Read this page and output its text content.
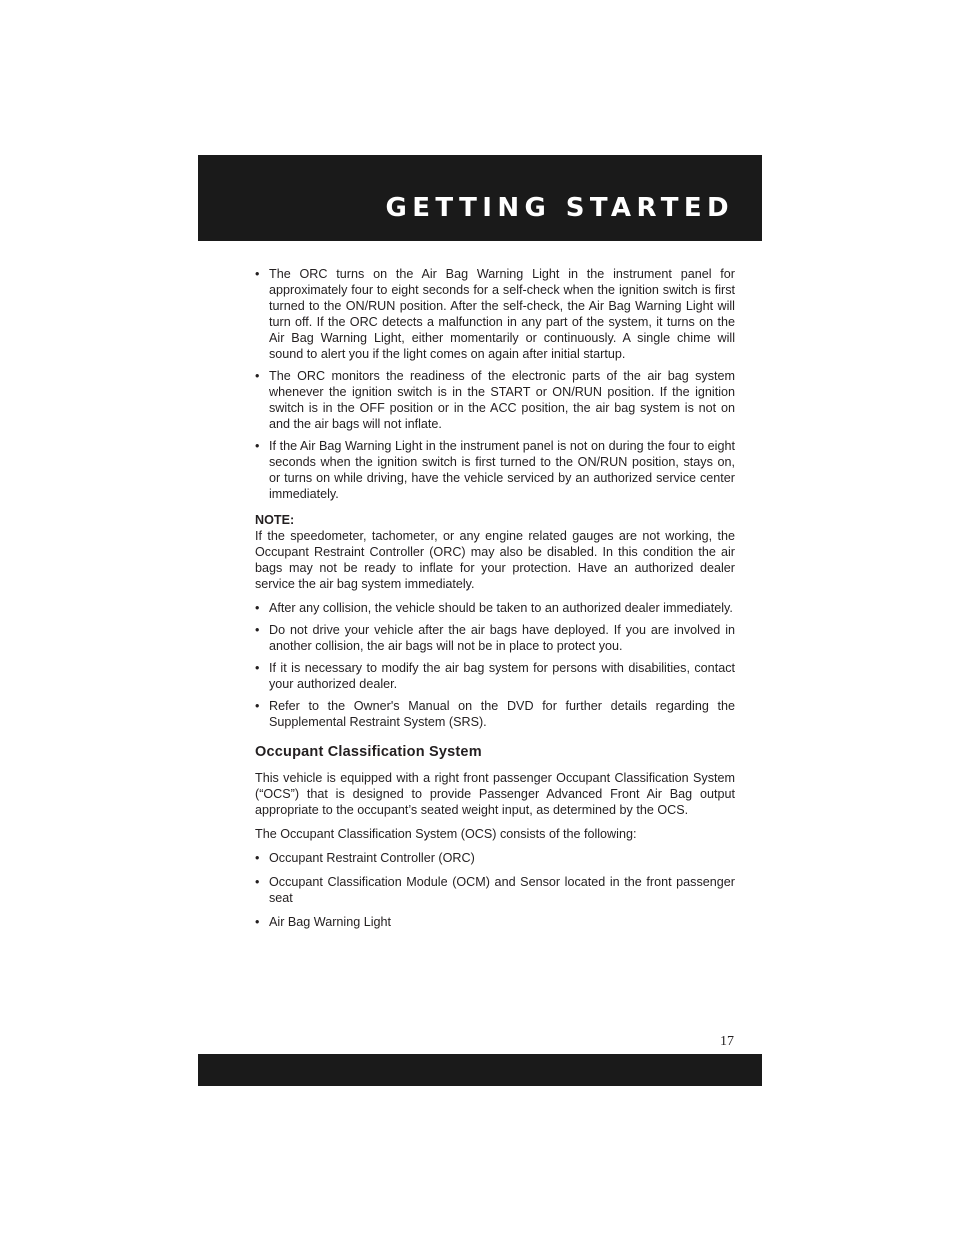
GETTING STARTED
• The ORC turns on the Air Bag Warning Light in the instrument panel for approximately four to eight seconds for a self-check when the ignition switch is first turned to the ON/RUN position. After the self-check, the Air Bag Warning Light will turn off. If the ORC detects a malfunction in any part of the system, it turns on the Air Bag Warning Light, either momentarily or continuously. A single chime will sound to alert you if the light comes on again after initial startup.
• The ORC monitors the readiness of the electronic parts of the air bag system whenever the ignition switch is in the START or ON/RUN position. If the ignition switch is in the OFF position or in the ACC position, the air bag system is not on and the air bags will not inflate.
• If the Air Bag Warning Light in the instrument panel is not on during the four to eight seconds when the ignition switch is first turned to the ON/RUN position, stays on, or turns on while driving, have the vehicle serviced by an authorized service center immediately.
NOTE:
If the speedometer, tachometer, or any engine related gauges are not working, the Occupant Restraint Controller (ORC) may also be disabled. In this condition the air bags may not be ready to inflate for your protection. Have an authorized dealer service the air bag system immediately.
• After any collision, the vehicle should be taken to an authorized dealer immediately.
• Do not drive your vehicle after the air bags have deployed. If you are involved in another collision, the air bags will not be in place to protect you.
• If it is necessary to modify the air bag system for persons with disabilities, contact your authorized dealer.
• Refer to the Owner's Manual on the DVD for further details regarding the Supplemental Restraint System (SRS).
Occupant Classification System
This vehicle is equipped with a right front passenger Occupant Classification System (“OCS”) that is designed to provide Passenger Advanced Front Air Bag output appropriate to the occupant’s seated weight input, as determined by the OCS.
The Occupant Classification System (OCS) consists of the following:
• Occupant Restraint Controller (ORC)
• Occupant Classification Module (OCM) and Sensor located in the front passenger seat
• Air Bag Warning Light
17
